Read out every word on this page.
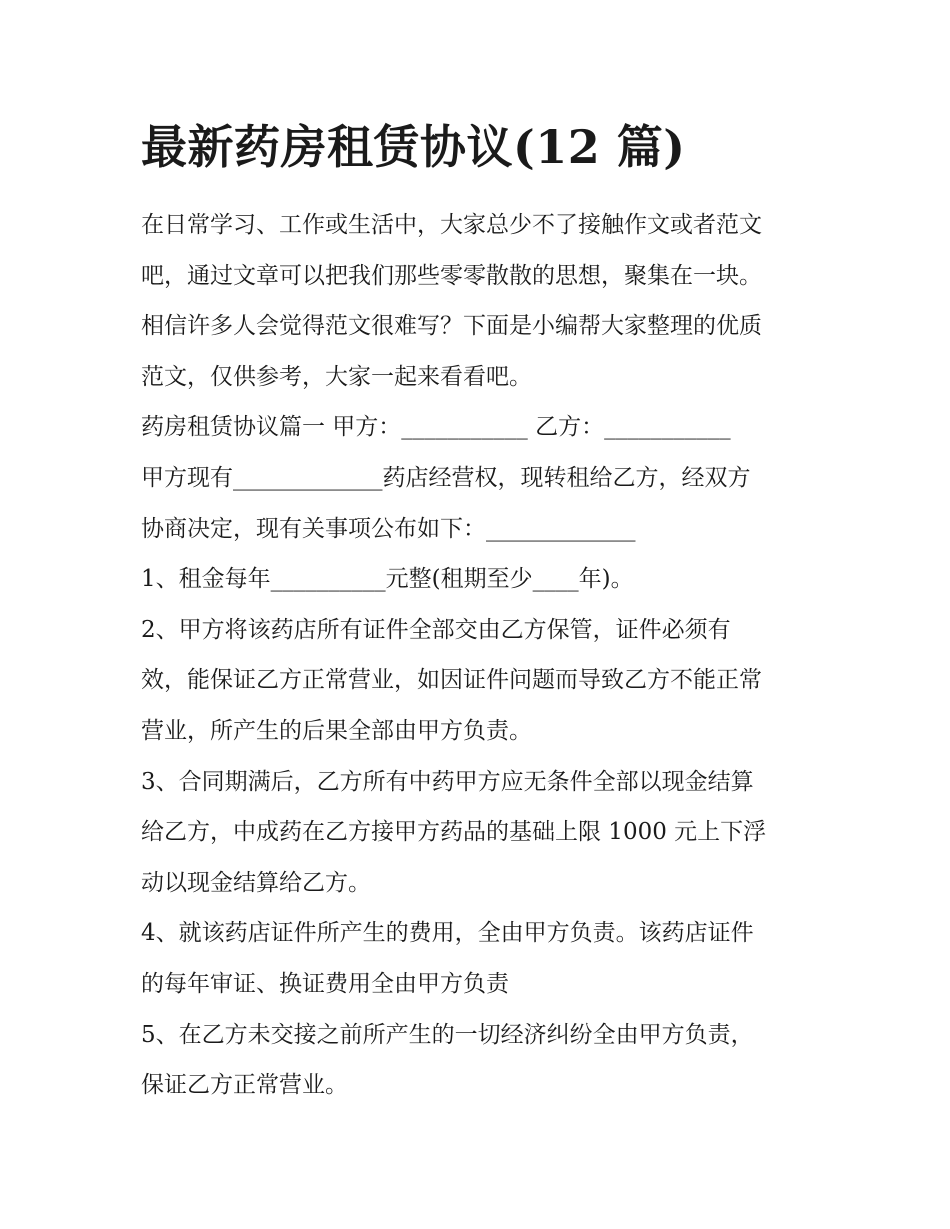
最新药房租赁协议(12 篇)

在日常学习、工作或生活中，大家总少不了接触作文或者范文

吧，通过文章可以把我们那些零零散散的思想，聚集在一块。

相信许多人会觉得范文很难写？下面是小编帮大家整理的优质

范文，仅供参考，大家一起来看看吧。

药房租赁协议篇一 甲方：___________ 乙方：___________

甲方现有_____________药店经营权，现转租给乙方，经双方

协商决定，现有关事项公布如下：_____________

1、租金每年__________元整(租期至少____年)。

2、甲方将该药店所有证件全部交由乙方保管，证件必须有

效，能保证乙方正常营业，如因证件问题而导致乙方不能正常

营业，所产生的后果全部由甲方负责。

3、合同期满后，乙方所有中药甲方应无条件全部以现金结算

给乙方，中成药在乙方接甲方药品的基础上限 1000 元上下浮

动以现金结算给乙方。

4、就该药店证件所产生的费用，全由甲方负责。该药店证件

的每年审证、换证费用全由甲方负责

5、在乙方未交接之前所产生的一切经济纠纷全由甲方负责，

保证乙方正常营业。
